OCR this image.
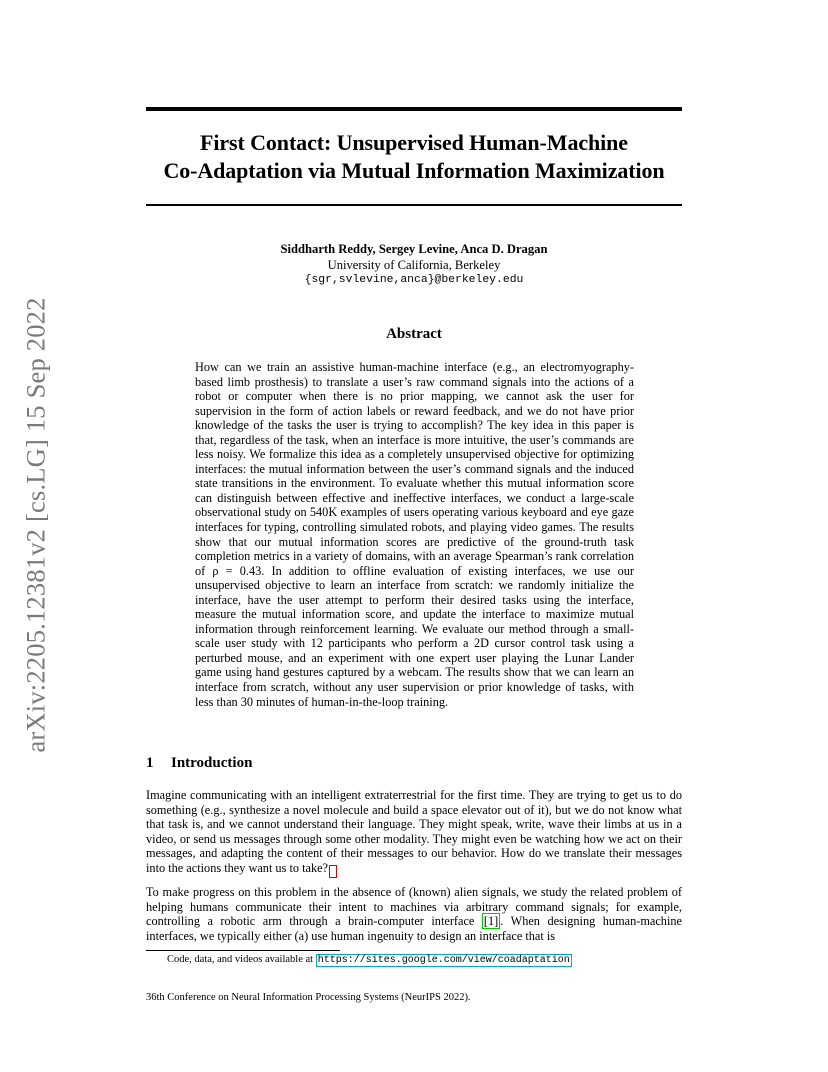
arXiv:2205.12381v2 [cs.LG] 15 Sep 2022
First Contact: Unsupervised Human-Machine
Co-Adaptation via Mutual Information Maximization
Siddharth Reddy, Sergey Levine, Anca D. Dragan
University of California, Berkeley
{sgr,svlevine,anca}@berkeley.edu
Abstract
How can we train an assistive human-machine interface (e.g., an electromyography-based limb prosthesis) to translate a user’s raw command signals into the actions of a robot or computer when there is no prior mapping, we cannot ask the user for supervision in the form of action labels or reward feedback, and we do not have prior knowledge of the tasks the user is trying to accomplish? The key idea in this paper is that, regardless of the task, when an interface is more intuitive, the user’s commands are less noisy. We formalize this idea as a completely unsupervised objective for optimizing interfaces: the mutual information between the user’s command signals and the induced state transitions in the environment. To evaluate whether this mutual information score can distinguish between effective and ineffective interfaces, we conduct a large-scale observational study on 540K examples of users operating various keyboard and eye gaze interfaces for typing, controlling simulated robots, and playing video games. The results show that our mutual information scores are predictive of the ground-truth task completion metrics in a variety of domains, with an average Spearman’s rank correlation of ρ = 0.43. In addition to offline evaluation of existing interfaces, we use our unsupervised objective to learn an interface from scratch: we randomly initialize the interface, have the user attempt to perform their desired tasks using the interface, measure the mutual information score, and update the interface to maximize mutual information through reinforcement learning. We evaluate our method through a small-scale user study with 12 participants who perform a 2D cursor control task using a perturbed mouse, and an experiment with one expert user playing the Lunar Lander game using hand gestures captured by a webcam. The results show that we can learn an interface from scratch, without any user supervision or prior knowledge of tasks, with less than 30 minutes of human-in-the-loop training.
1 Introduction
Imagine communicating with an intelligent extraterrestrial for the first time. They are trying to get us to do something (e.g., synthesize a novel molecule and build a space elevator out of it), but we do not know what that task is, and we cannot understand their language. They might speak, write, wave their limbs at us in a video, or send us messages through some other modality. They might even be watching how we act on their messages, and adapting the content of their messages to our behavior. How do we translate their messages into the actions they want us to take?
To make progress on this problem in the absence of (known) alien signals, we study the related problem of helping humans communicate their intent to machines via arbitrary command signals; for example, controlling a robotic arm through a brain-computer interface [1] . When designing human-machine interfaces, we typically either (a) use human ingenuity to design an interface that is
Code, data, and videos available at https://sites.google.com/view/coadaptation
36th Conference on Neural Information Processing Systems (NeurIPS 2022).
